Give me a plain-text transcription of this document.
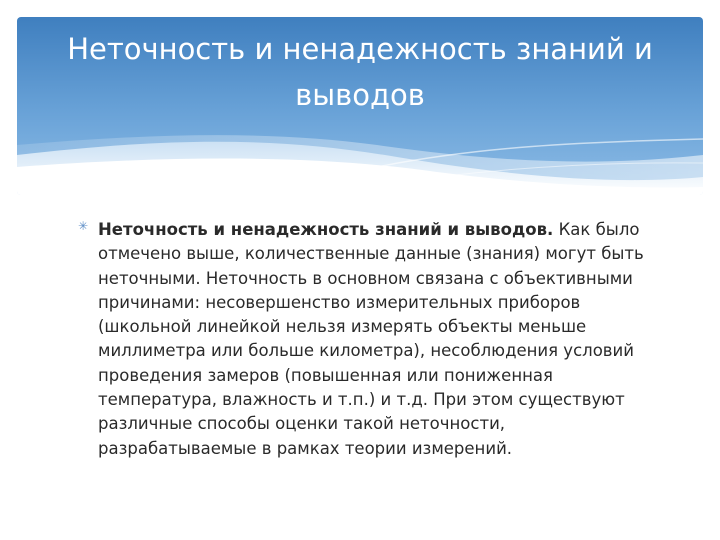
Неточность и ненадежность знаний и выводов
✳ Неточность и ненадежность знаний и выводов. Как было отмечено выше, количественные данные (знания) могут быть неточными. Неточность в основном связана с объективными причинами: несовершенство измерительных приборов (школьной линейкой нельзя измерять объекты меньше миллиметра или больше километра), несоблюдения условий проведения замеров (повышенная или пониженная температура, влажность и т.п.) и т.д. При этом существуют различные способы оценки такой неточности, разрабатываемые в рамках теории измерений.
